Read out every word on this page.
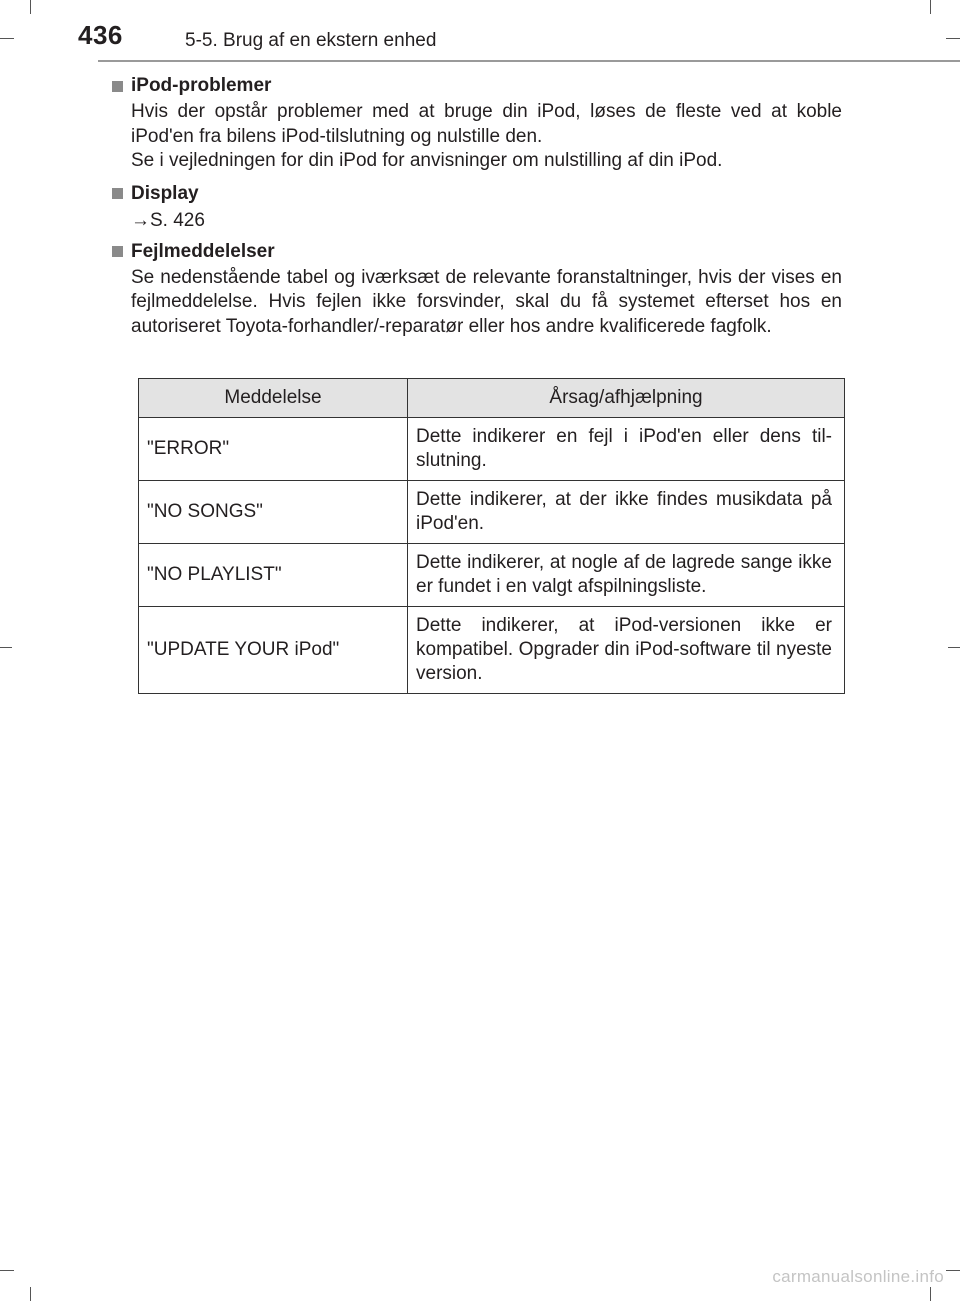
436	5-5. Brug af en ekstern enhed
iPod-problemer

Hvis der opstår problemer med at bruge din iPod, løses de fleste ved at koble iPod'en fra bilens iPod-tilslutning og nulstille den.

Se i vejledningen for din iPod for anvisninger om nulstilling af din iPod.

Display
→S. 426
Fejlmeddelelser

Se nedenstående tabel og iværksæt de relevante foranstaltninger, hvis der vises en fejlmeddelelse. Hvis fejlen ikke forsvinder, skal du få systemet efterset hos en autoriseret Toyota-forhandler/-reparatør eller hos andre kvalificerede fagfolk.

Meddelelse	Årsag/afhjælpning
"ERROR"	Dette indikerer en fejl i iPod'en eller dens til-slutning.
"NO SONGS"	Dette indikerer, at der ikke findes musikdata på iPod'en.
"NO PLAYLIST"	Dette indikerer, at nogle af de lagrede sange ikke er fundet i en valgt afspilningsliste.
"UPDATE YOUR iPod"	Dette indikerer, at iPod-versionen ikke er kompatibel. Opgrader din iPod-software til nyeste version.
carmanualsonline.info
